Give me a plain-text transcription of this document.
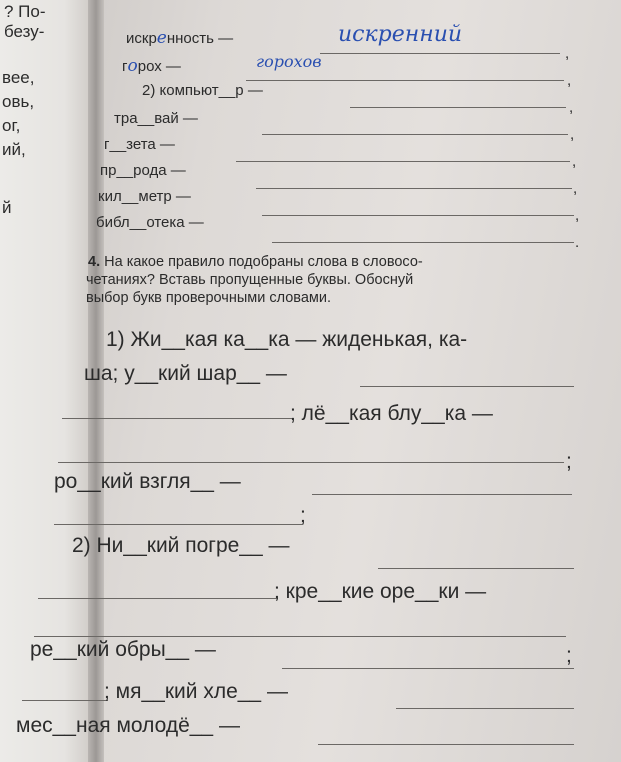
? По-
безу-
вее,
овь,
ог,
ий,
й
искренность —	искренний
,
горох —	горохов
,
2) компьют__р —
,
тра__вай —
,
г__зета —
,
пр__рода —
,
кил__метр —
,
библ__отека —
.
4. На какое правило подобраны слова в словосо-
четаниях? Вставь пропущенные буквы. Обоснуй
выбор букв проверочными словами.
1) Жи__кая ка__ка — жиденькая, ка-
ша; у__кий шар__ —
; лё__кая блу__ка —
;
ро__кий взгля__ —
;
2) Ни__кий погре__ —
; кре__кие оре__ки —
ре__кий обры__ —	;
; мя__кий хле__ —
мес__ная молодё__ —
